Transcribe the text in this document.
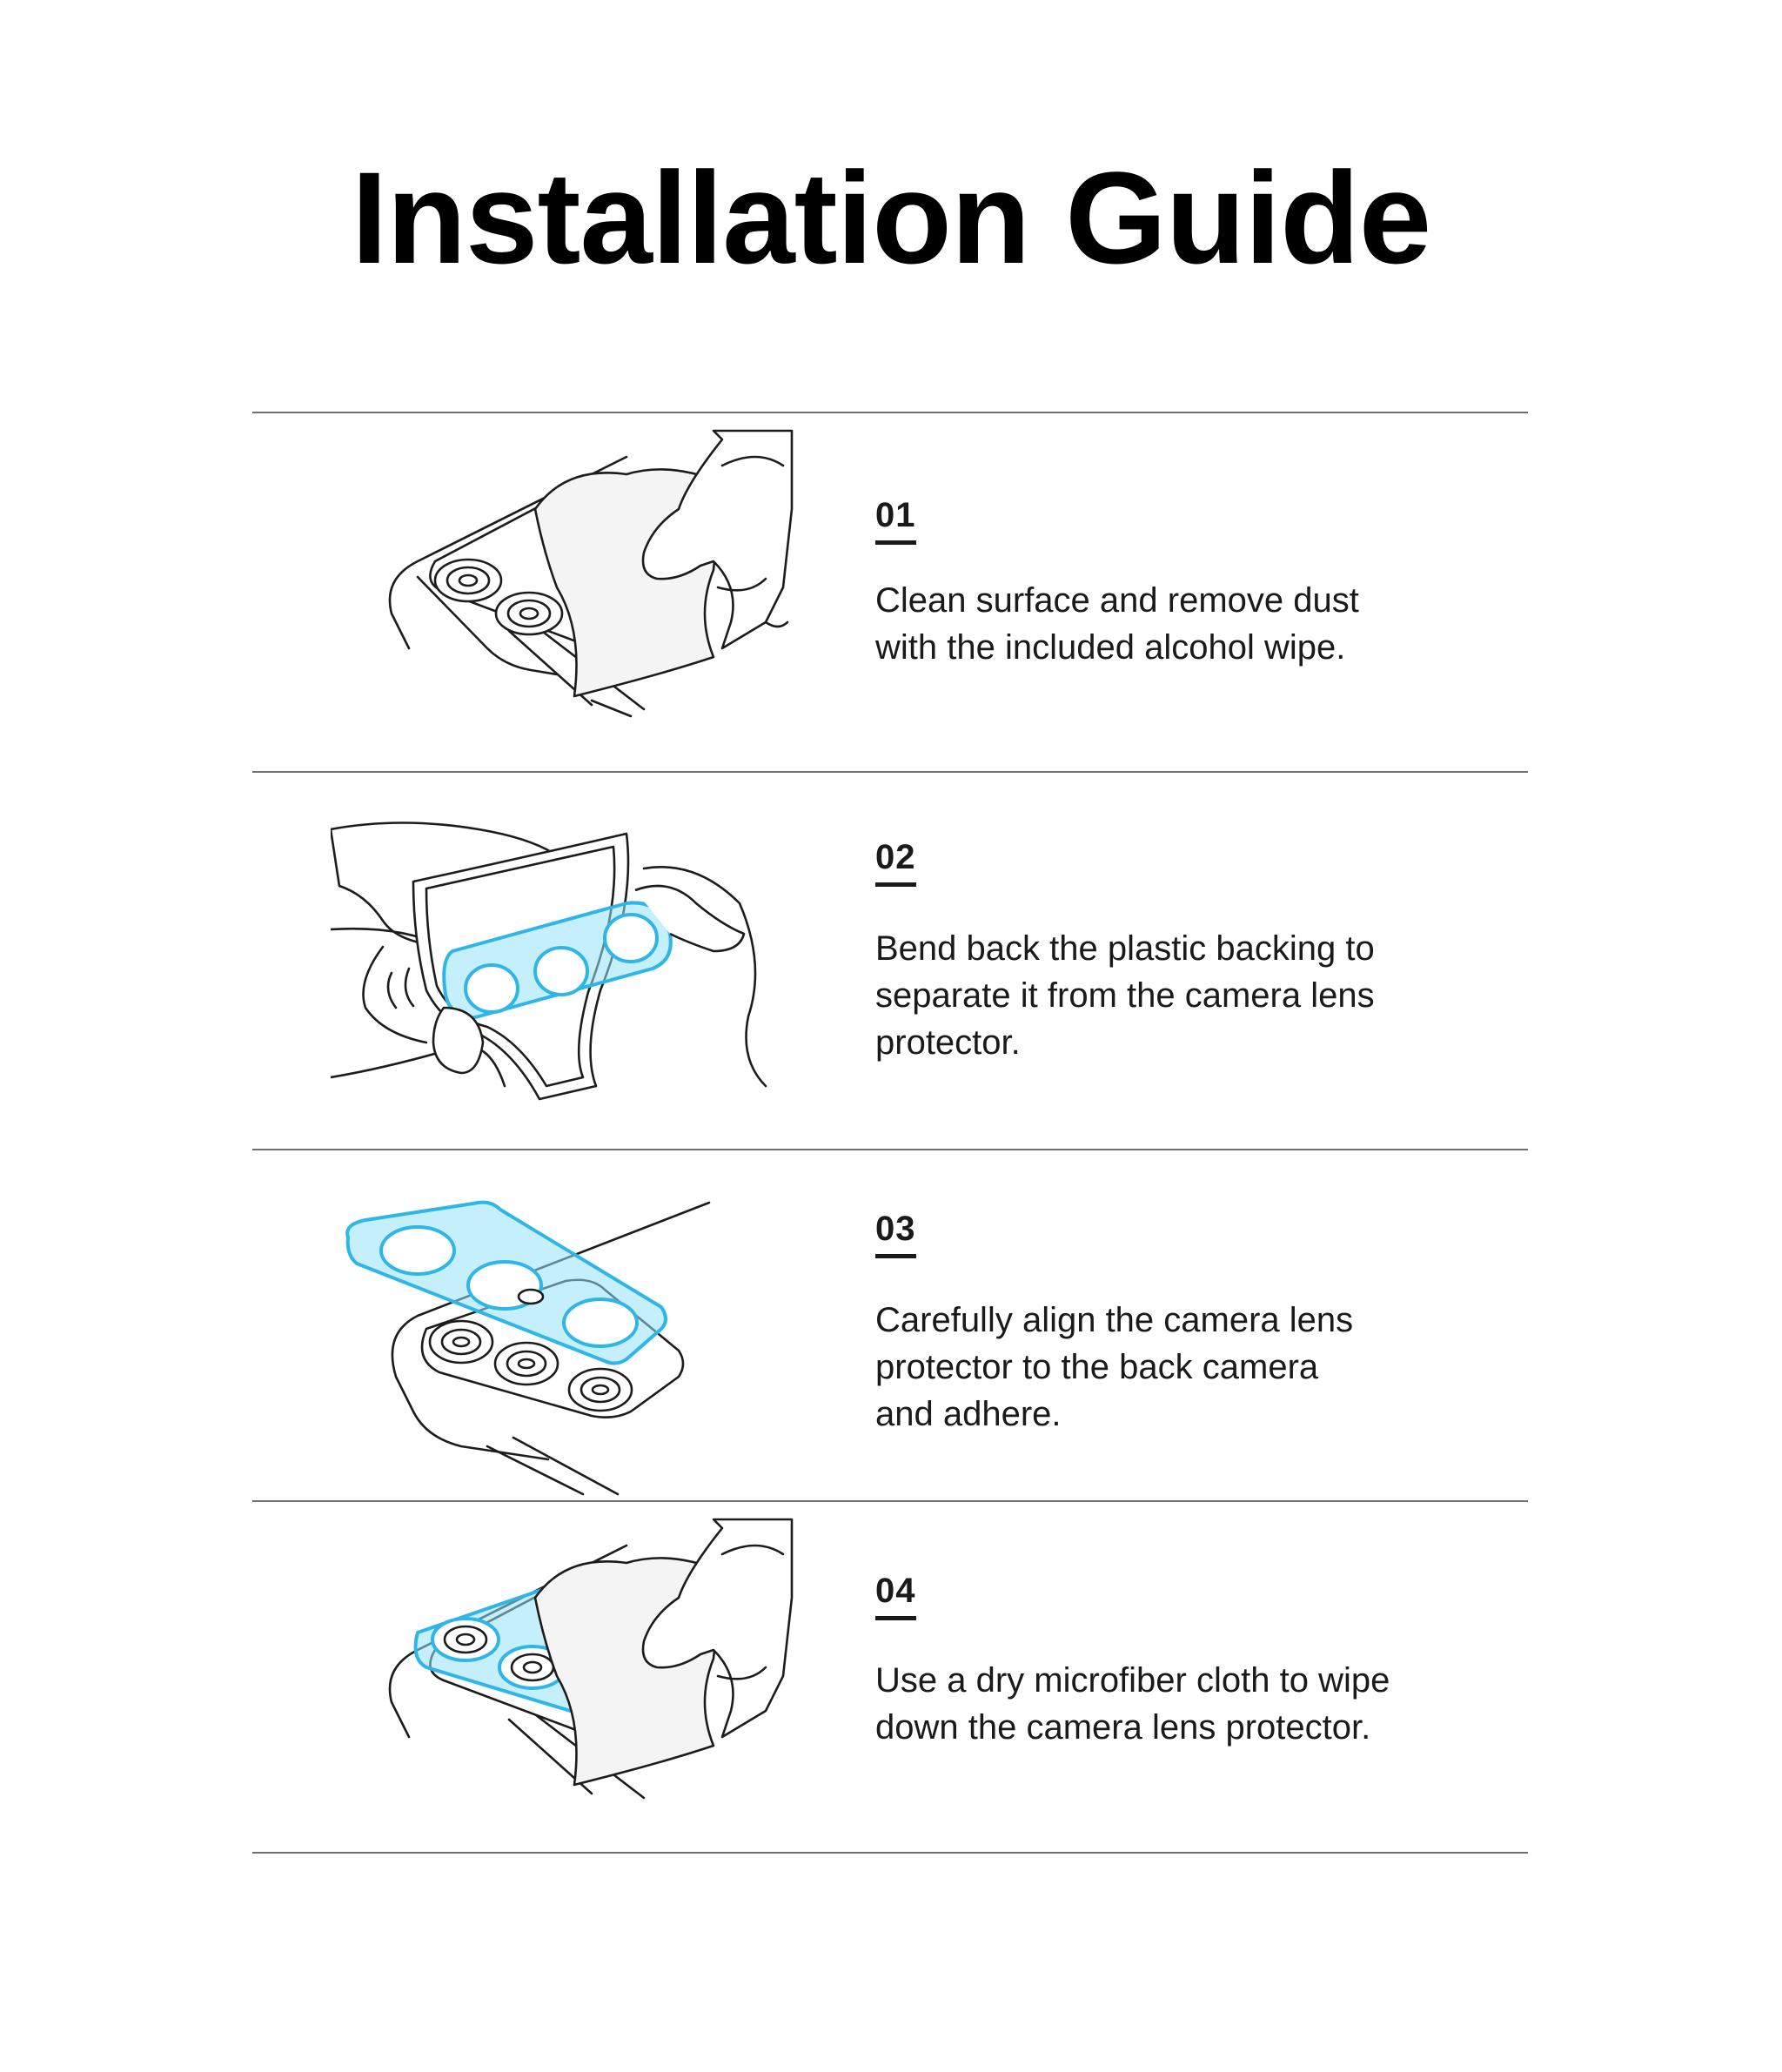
Installation Guide
01
Clean surface and remove dust
with the included alcohol wipe.
02
Bend back the plastic backing to
separate it from the camera lens
protector.
03
Carefully align the camera lens
protector to the back camera
and adhere.
04
Use a dry microfiber cloth to wipe
down the camera lens protector.
